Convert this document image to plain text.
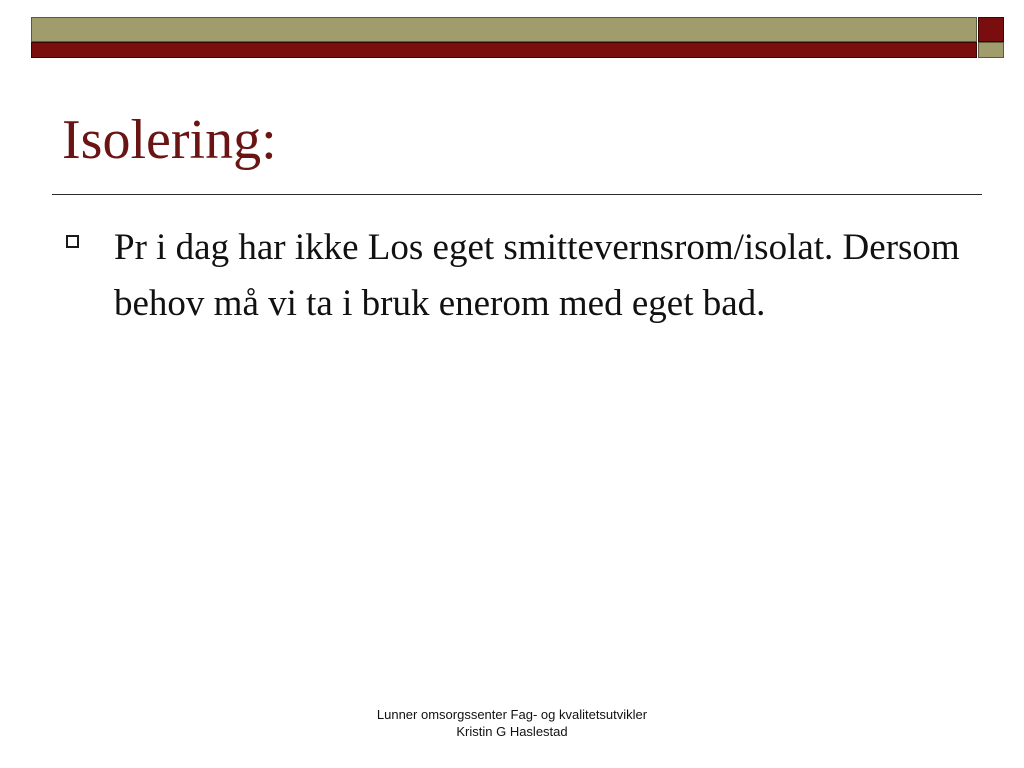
Isolering:
Pr i dag har ikke Los eget smittevernsrom/isolat. Dersom behov må vi ta i bruk enerom med eget bad.
Lunner omsorgssenter Fag- og kvalitetsutvikler
Kristin G Haslestad
